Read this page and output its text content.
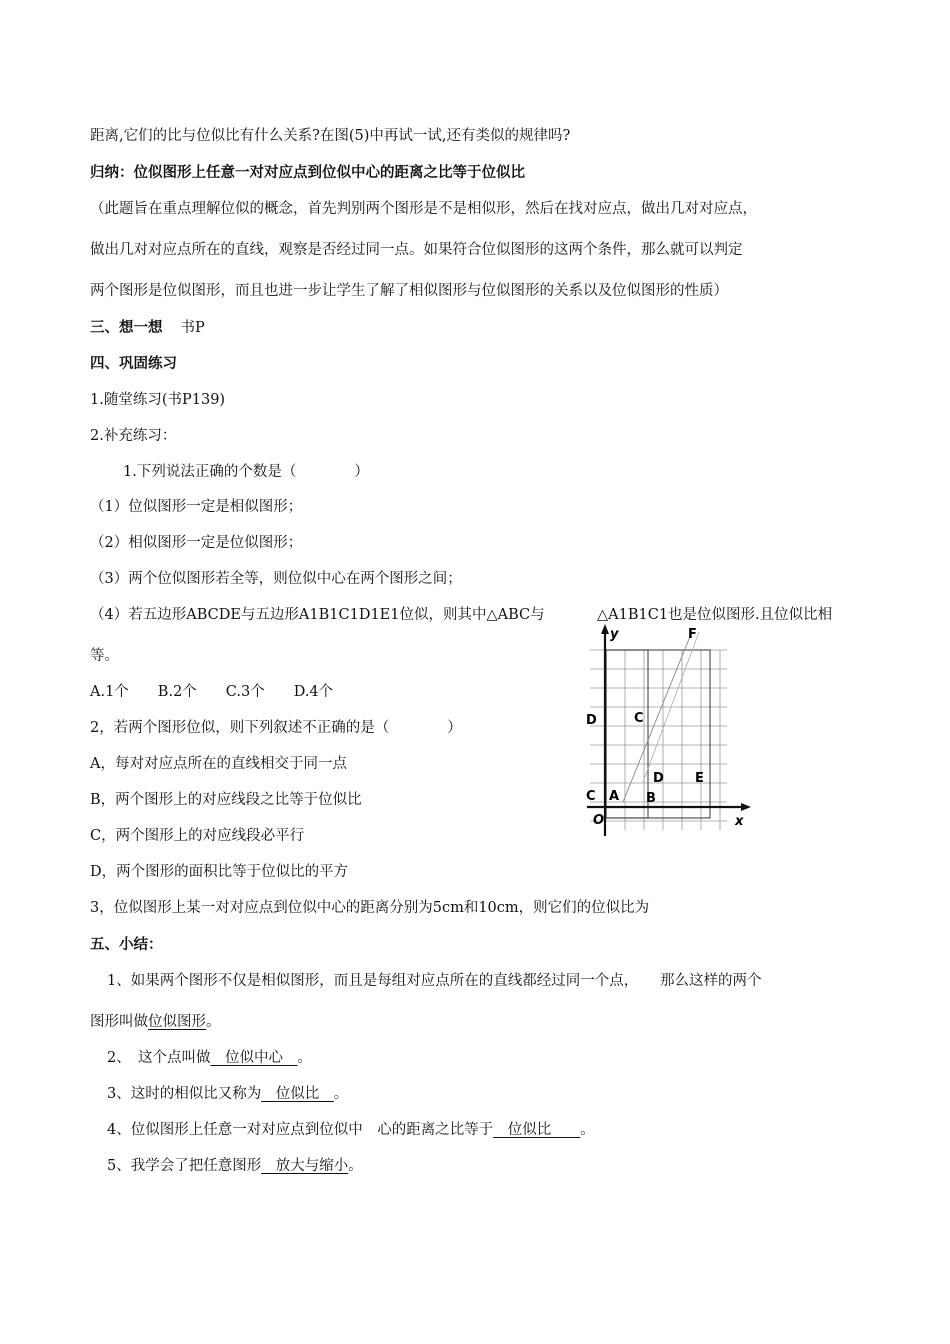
距离,它们的比与位似比有什么关系?在图(5)中再试一试,还有类似的规律吗?
归纳：位似图形上任意一对对应点到位似中心的距离之比等于位似比
（此题旨在重点理解位似的概念，首先判别两个图形是不是相似形，然后在找对应点，做出几对对应点，
做出几对对应点所在的直线，观察是否经过同一点。如果符合位似图形的这两个条件，那么就可以判定
两个图形是位似图形，而且也进一步让学生了解了相似图形与位似图形的关系以及位似图形的性质）
三、想一想 书P
四、巩固练习
1.随堂练习(书P139)
2.补充练习：
1.下列说法正确的个数是（　　　　）
（1）位似图形一定是相似图形；
（2）相似图形一定是位似图形；
（3）两个位似图形若全等，则位似中心在两个图形之间；
（4）若五边形ABCDE与五边形A1B1C1D1E1位似，则其中△ABC与	△A1B1C1也是位似图形.且位似比相
等。
A.1个　　B.2个　　C.3个　　D.4个
2，若两个图形位似，则下列叙述不正确的是（　　　　）
A，每对对应点所在的直线相交于同一点
B，两个图形上的对应线段之比等于位似比
C，两个图形上的对应线段必平行
D，两个图形的面积比等于位似比的平方
3，位似图形上某一对对应点到位似中心的距离分别为5cm和10cm，则它们的位似比为
五、小结：
1、如果两个图形不仅是相似图形，而且是每组对应点所在的直线都经过同一个点，　　那么这样的两个
图形叫做位似图形。
2、　这个点叫做　位似中心　。
3、这时的相似比又称为　位似比　。
4、位似图形上任意一对对应点到位似中　心的距离之比等于　位似比　　。
5、我学会了把任意图形　放大与缩小。
y
x
O
F
C
D E
A B
D
C
